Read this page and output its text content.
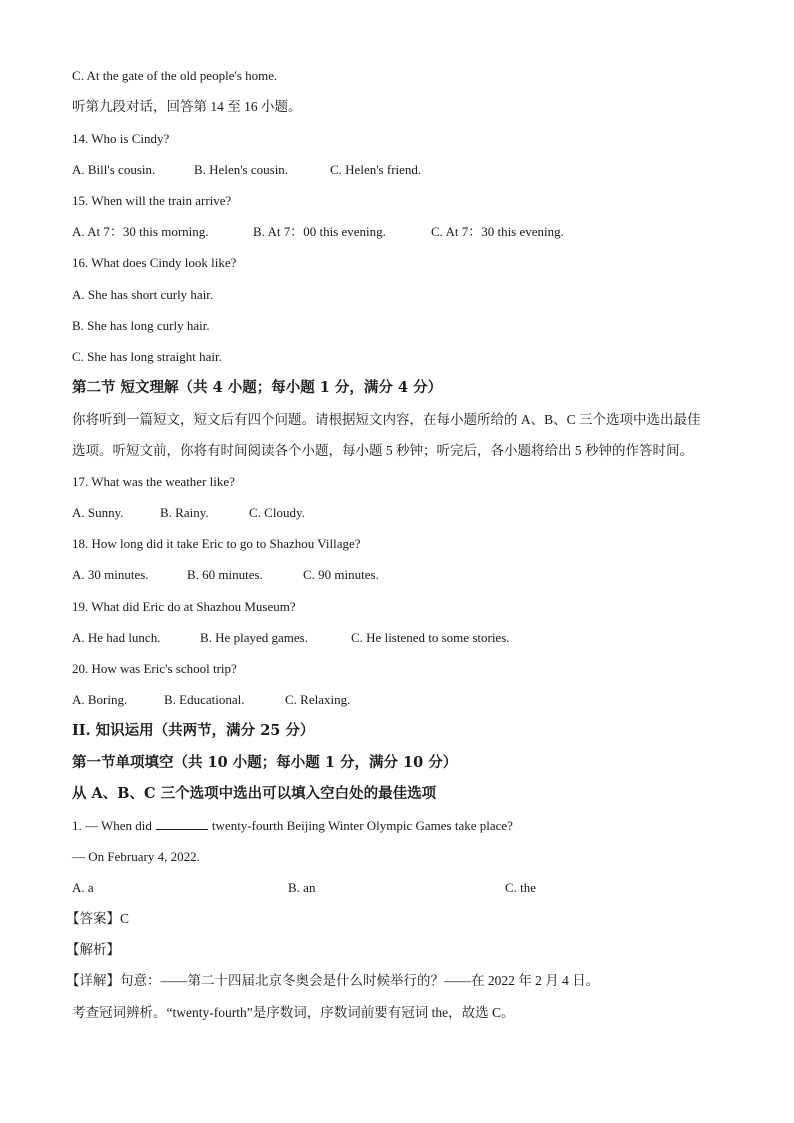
C. At the gate of the old people's home.
听第九段对话，回答第 14 至 16 小题。
14. Who is Cindy?
A. Bill's cousin.	B. Helen's cousin.	C. Helen's friend.
15. When will the train arrive?
A. At 7：30 this morning.	B. At 7：00 this evening.	C. At 7：30 this evening.
16. What does Cindy look like?
A. She has short curly hair.
B. She has long curly hair.
C. She has long straight hair.
第二节 短文理解（共 4 小题；每小题 1 分，满分 4 分）
你将听到一篇短文，短文后有四个问题。请根据短文内容，在每小题所给的 A、B、C 三个选项中选出最佳
选项。听短文前，你将有时间阅读各个小题，每小题 5 秒钟；听完后，各小题将给出 5 秒钟的作答时间。
17. What was the weather like?
A. Sunny.	B. Rainy.	C. Cloudy.
18. How long did it take Eric to go to Shazhou Village?
A. 30 minutes.	B. 60 minutes.	C. 90 minutes.
19. What did Eric do at Shazhou Museum?
A. He had lunch.	B. He played games.	C. He listened to some stories.
20. How was Eric's school trip?
A. Boring.	B. Educational.	C. Relaxing.
II. 知识运用（共两节，满分 25 分）
第一节单项填空（共 10 小题；每小题 1 分，满分 10 分）
从 A、B、C 三个选项中选出可以填入空白处的最佳选项
1. — When did	twenty-fourth Beijing Winter Olympic Games take place?
— On February 4, 2022.
A. a	B. an	C. the
【答案】C
【解析】
【详解】句意：——第二十四届北京冬奥会是什么时候举行的？——在 2022 年 2 月 4 日。
考查冠词辨析。“twenty-fourth”是序数词，序数词前要有冠词 the，故选 C。
